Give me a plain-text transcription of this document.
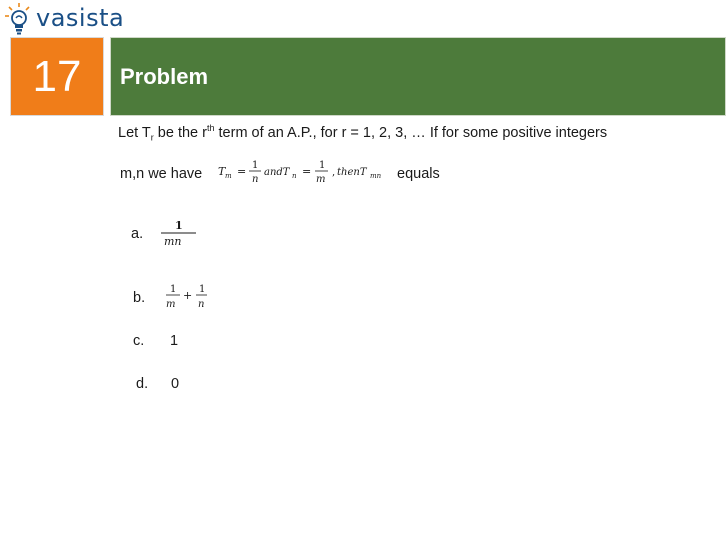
vasista
17	Problem
Let $T_r$ be the $r^{th}$ term of an A.P., for r = 1, 2, 3, … If for some positive integers
m,n we have T m = 1
n
andT n = 1
m
, thenT mn equals
a.
1
mn
b.
1
m
+ 1
n
c. 1
d. 0
